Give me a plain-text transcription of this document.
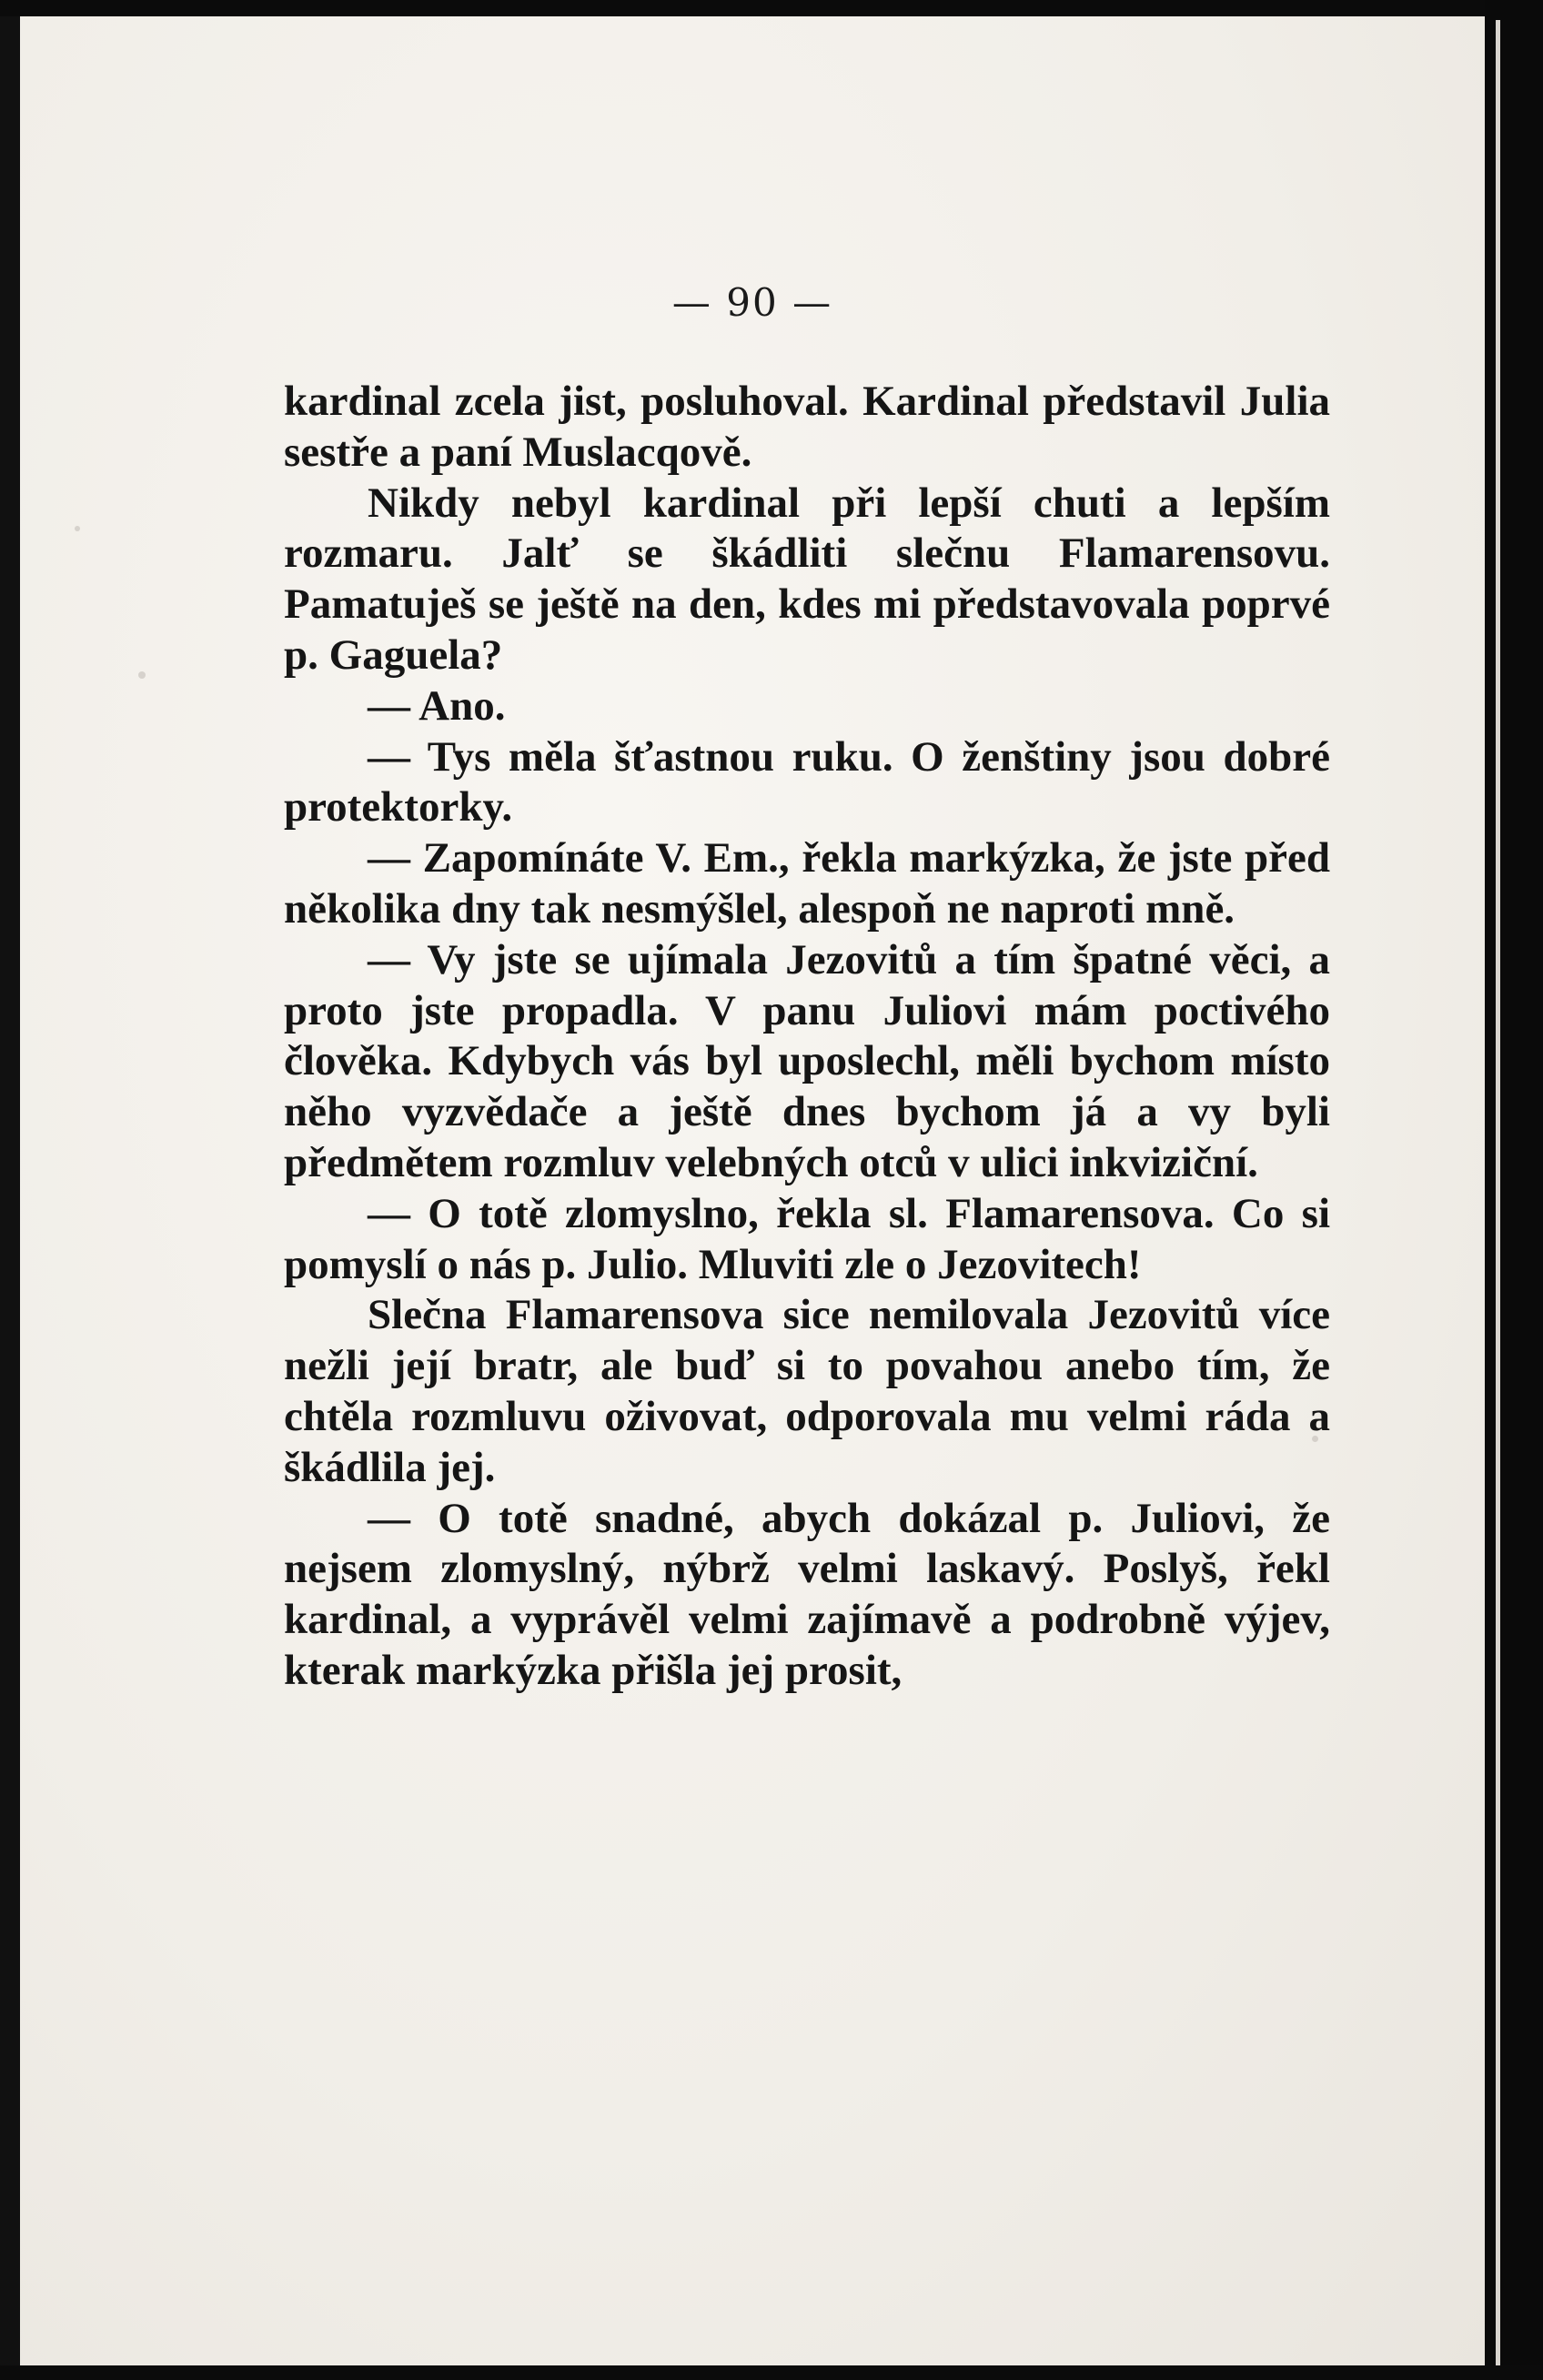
— 90 —

kardinal zcela jist, posluhoval. Kardinal představil Julia sestře a paní Muslacqově.

Nikdy nebyl kardinal při lepší chuti a lepším rozmaru. Jalť se škádliti slečnu Flamarensovu. Pamatuješ se ještě na den, kdes mi představovala poprvé p. Gaguela?

— Ano.

— Tys měla šťastnou ruku. O ženštiny jsou dobré protektorky.

— Zapomínáte V. Em., řekla markýzka, že jste před několika dny tak nesmýšlel, alespoň ne naproti mně.

— Vy jste se ujímala Jezovitů a tím špatné věci, a proto jste propadla. V panu Juliovi mám poctivého člověka. Kdybych vás byl uposlechl, měli bychom místo něho vyzvědače a ještě dnes bychom já a vy byli předmětem rozmluv velebných otců v ulici inkviziční.

— O totě zlomyslno, řekla sl. Flamarensova. Co si pomyslí o nás p. Julio. Mluviti zle o Jezovitech!

Slečna Flamarensova sice nemilovala Jezovitů více nežli její bratr, ale buď si to povahou anebo tím, že chtěla rozmluvu oživovat, odporovala mu velmi ráda a škádlila jej.

— O totě snadné, abych dokázal p. Juliovi, že nejsem zlomyslný, nýbrž velmi laskavý. Poslyš, řekl kardinal, a vyprávěl velmi zajímavě a podrobně výjev, kterak markýzka přišla jej prosit,
